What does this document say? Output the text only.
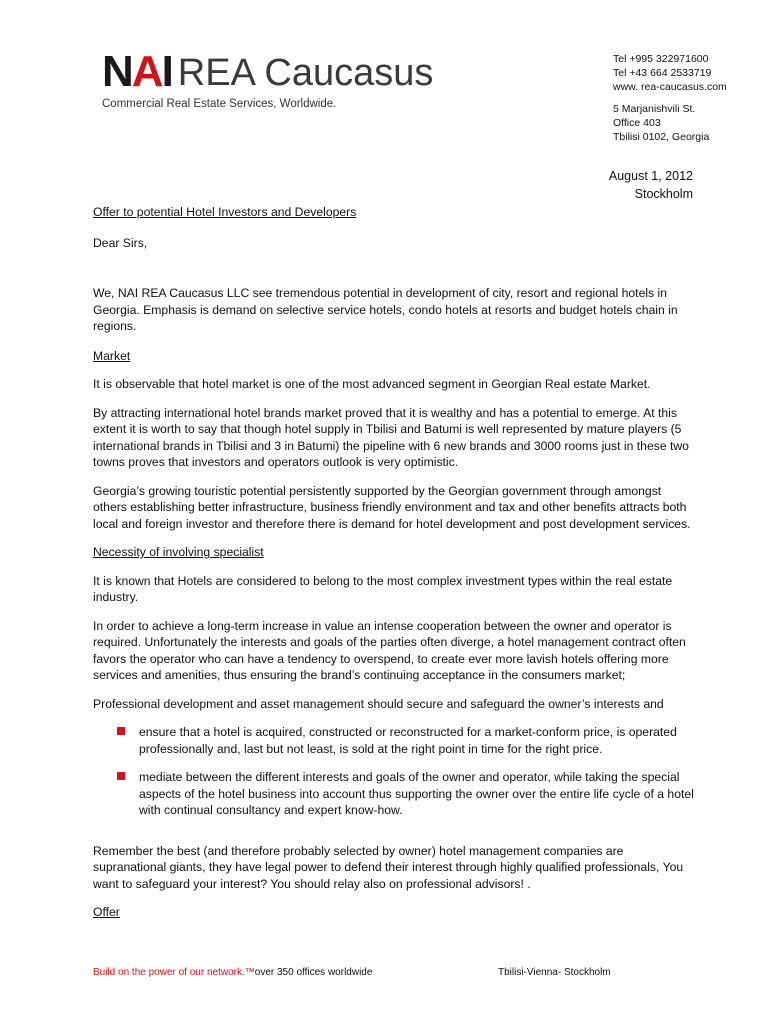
NAI REA Caucasus
Commercial Real Estate Services, Worldwide.
Tel +995 322971600
Tel +43 664 2533719
www. rea-caucasus.com
5 Marjanishvili St.
Office 403
Tbilisi 0102, Georgia
August 1, 2012
Stockholm

Offer to potential Hotel Investors and Developers

Dear Sirs,

We, NAI REA Caucasus LLC see tremendous potential in development of city, resort and regional hotels in Georgia. Emphasis is demand on selective service hotels, condo hotels at resorts and budget hotels chain in regions.

Market

It is observable that hotel market is one of the most advanced segment in Georgian Real estate Market.

By attracting international hotel brands market proved that it is wealthy and has a potential to emerge. At this extent it is worth to say that though hotel supply in Tbilisi and Batumi is well represented by mature players (5 international brands in Tbilisi and 3 in Batumi) the pipeline with 6 new brands and 3000 rooms just in these two towns proves that investors and operators outlook is very optimistic.

Georgia’s growing touristic potential persistently supported by the Georgian government through amongst others establishing better infrastructure, business friendly environment and tax and other benefits attracts both local and foreign investor and therefore there is demand for hotel development and post development services.

Necessity of involving specialist

It is known that Hotels are considered to belong to the most complex investment types within the real estate industry.

In order to achieve a long-term increase in value an intense cooperation between the owner and operator is required. Unfortunately the interests and goals of the parties often diverge, a hotel management contract often favors the operator who can have a tendency to overspend, to create ever more lavish hotels offering more services and amenities, thus ensuring the brand’s continuing acceptance in the consumers market;

Professional development and asset management should secure and safeguard the owner’s interests and

ensure that a hotel is acquired, constructed or reconstructed for a market-conform price, is operated professionally and, last but not least, is sold at the right point in time for the right price.
mediate between the different interests and goals of the owner and operator, while taking the special aspects of the hotel business into account thus supporting the owner over the entire life cycle of a hotel with continual consultancy and expert know-how.

Remember the best (and therefore probably selected by owner) hotel management companies are supranational giants, they have legal power to defend their interest through highly qualified professionals, You want to safeguard your interest? You should relay also on professional advisors! .

Offer

Build on the power of our network.™over 350 offices worldwide	Tbilisi-Vienna- Stockholm
